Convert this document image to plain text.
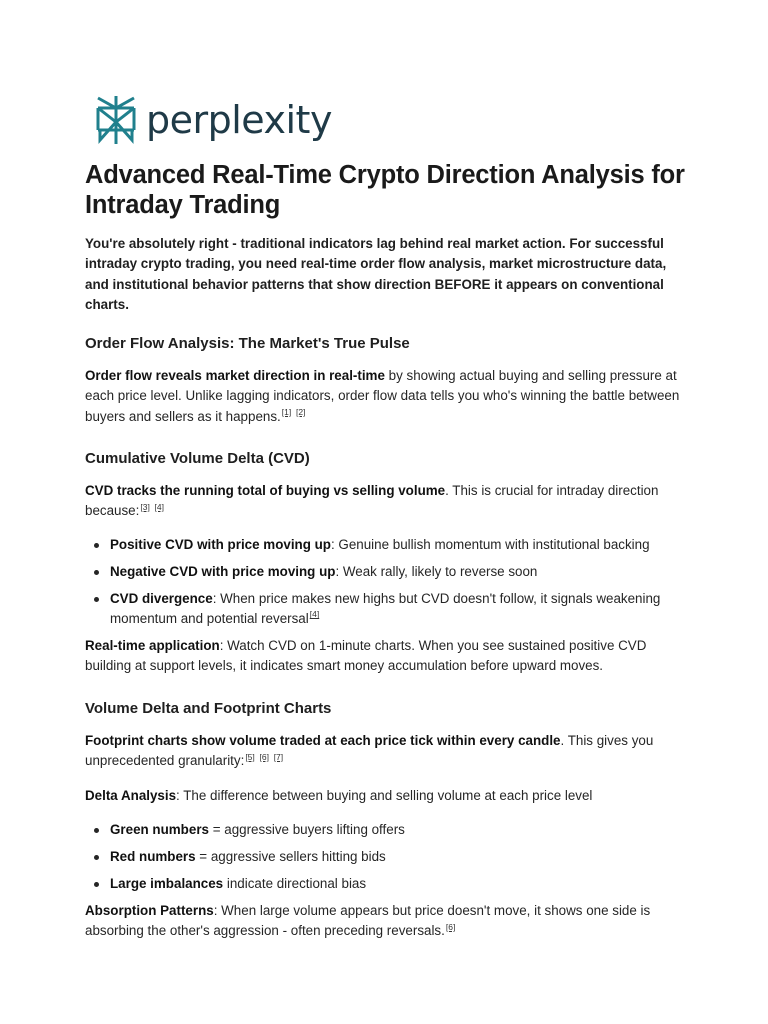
perplexity
Advanced Real-Time Crypto Direction Analysis for Intraday Trading

You're absolutely right - traditional indicators lag behind real market action. For successful intraday crypto trading, you need real-time order flow analysis, market microstructure data, and institutional behavior patterns that show direction BEFORE it appears on conventional charts.

Order Flow Analysis: The Market's True Pulse

Order flow reveals market direction in real-time by showing actual buying and selling pressure at each price level. Unlike lagging indicators, order flow data tells you who's winning the battle between buyers and sellers as it happens.[1] [2]

Cumulative Volume Delta (CVD)

CVD tracks the running total of buying vs selling volume. This is crucial for intraday direction because:[3] [4]

Positive CVD with price moving up: Genuine bullish momentum with institutional backing
Negative CVD with price moving up: Weak rally, likely to reverse soon
CVD divergence: When price makes new highs but CVD doesn't follow, it signals weakening momentum and potential reversal[4]

Real-time application: Watch CVD on 1-minute charts. When you see sustained positive CVD building at support levels, it indicates smart money accumulation before upward moves.

Volume Delta and Footprint Charts

Footprint charts show volume traded at each price tick within every candle. This gives you unprecedented granularity:[5] [6] [7]

Delta Analysis: The difference between buying and selling volume at each price level

Green numbers = aggressive buyers lifting offers
Red numbers = aggressive sellers hitting bids
Large imbalances indicate directional bias

Absorption Patterns: When large volume appears but price doesn't move, it shows one side is absorbing the other's aggression - often preceding reversals.[6]
